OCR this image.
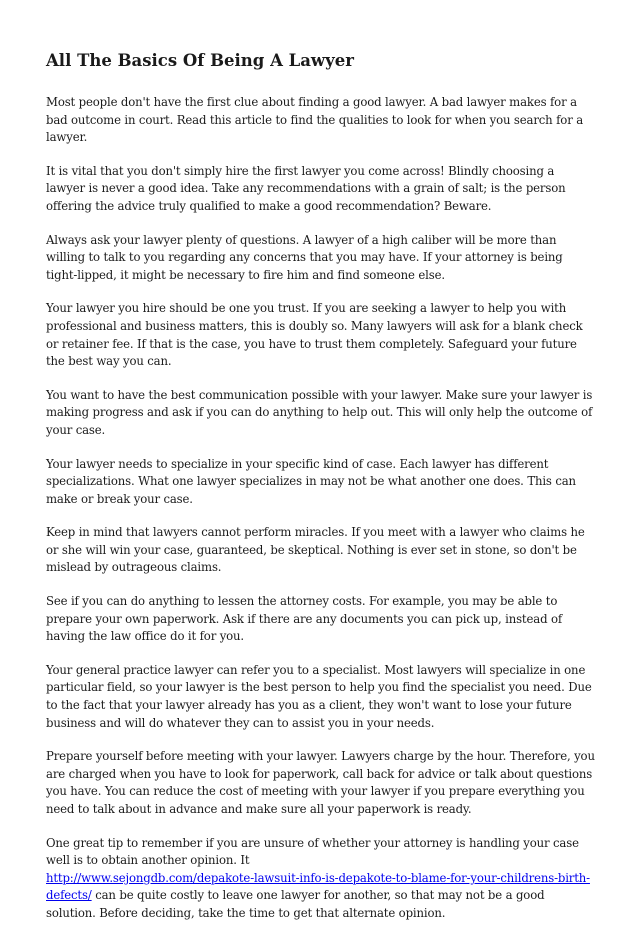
All The Basics Of Being A Lawyer

Most people don't have the first clue about finding a good lawyer. A bad lawyer makes for a bad outcome in court. Read this article to find the qualities to look for when you search for a lawyer.

It is vital that you don't simply hire the first lawyer you come across! Blindly choosing a lawyer is never a good idea. Take any recommendations with a grain of salt; is the person offering the advice truly qualified to make a good recommendation? Beware.

Always ask your lawyer plenty of questions. A lawyer of a high caliber will be more than willing to talk to you regarding any concerns that you may have. If your attorney is being tight-lipped, it might be necessary to fire him and find someone else.

Your lawyer you hire should be one you trust. If you are seeking a lawyer to help you with professional and business matters, this is doubly so. Many lawyers will ask for a blank check or retainer fee. If that is the case, you have to trust them completely. Safeguard your future the best way you can.

You want to have the best communication possible with your lawyer. Make sure your lawyer is making progress and ask if you can do anything to help out. This will only help the outcome of your case.

Your lawyer needs to specialize in your specific kind of case. Each lawyer has different specializations. What one lawyer specializes in may not be what another one does. This can make or break your case.

Keep in mind that lawyers cannot perform miracles. If you meet with a lawyer who claims he or she will win your case, guaranteed, be skeptical. Nothing is ever set in stone, so don't be mislead by outrageous claims.

See if you can do anything to lessen the attorney costs. For example, you may be able to prepare your own paperwork. Ask if there are any documents you can pick up, instead of having the law office do it for you.

Your general practice lawyer can refer you to a specialist. Most lawyers will specialize in one particular field, so your lawyer is the best person to help you find the specialist you need. Due to the fact that your lawyer already has you as a client, they won't want to lose your future business and will do whatever they can to assist you in your needs.

Prepare yourself before meeting with your lawyer. Lawyers charge by the hour. Therefore, you are charged when you have to look for paperwork, call back for advice or talk about questions you have. You can reduce the cost of meeting with your lawyer if you prepare everything you need to talk about in advance and make sure all your paperwork is ready.

One great tip to remember if you are unsure of whether your attorney is handling your case well is to obtain another opinion. It
http://www.sejongdb.com/depakote-lawsuit-info-is-depakote-to-blame-for-your-childrens-birth-defects/ can be quite costly to leave one lawyer for another, so that may not be a good solution. Before deciding, take the time to get that alternate opinion.
